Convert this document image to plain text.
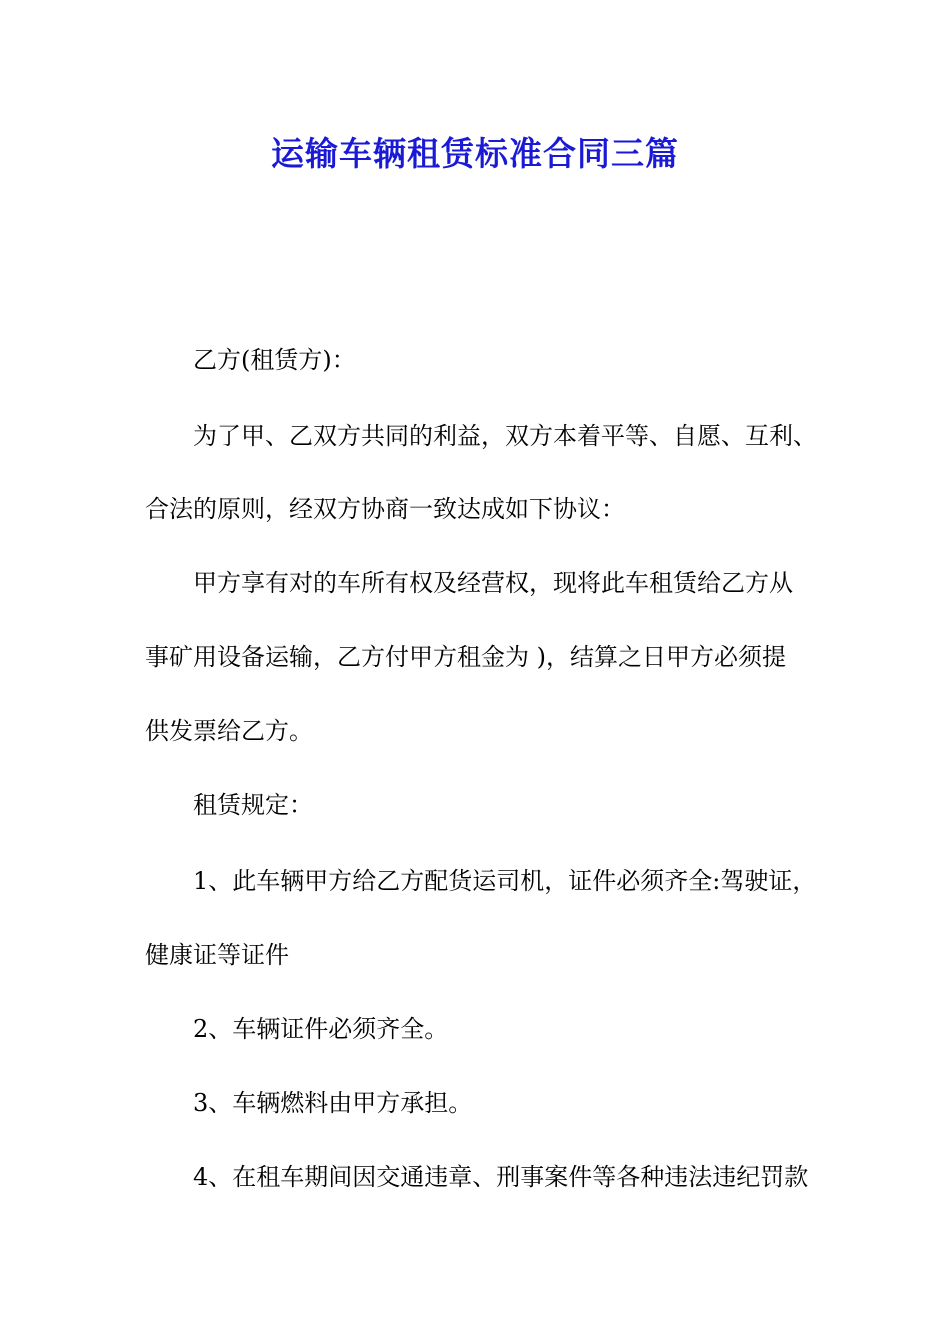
运输车辆租赁标准合同三篇
乙方(租赁方)：
为了甲、乙双方共同的利益，双方本着平等、自愿、互利、
合法的原则，经双方协商一致达成如下协议：
甲方享有对的车所有权及经营权，现将此车租赁给乙方从
事矿用设备运输，乙方付甲方租金为 )，结算之日甲方必须提
供发票给乙方。
租赁规定：
1、此车辆甲方给乙方配货运司机，证件必须齐全:驾驶证，
健康证等证件
2、车辆证件必须齐全。
3、车辆燃料由甲方承担。
4、在租车期间因交通违章、刑事案件等各种违法违纪罚款
